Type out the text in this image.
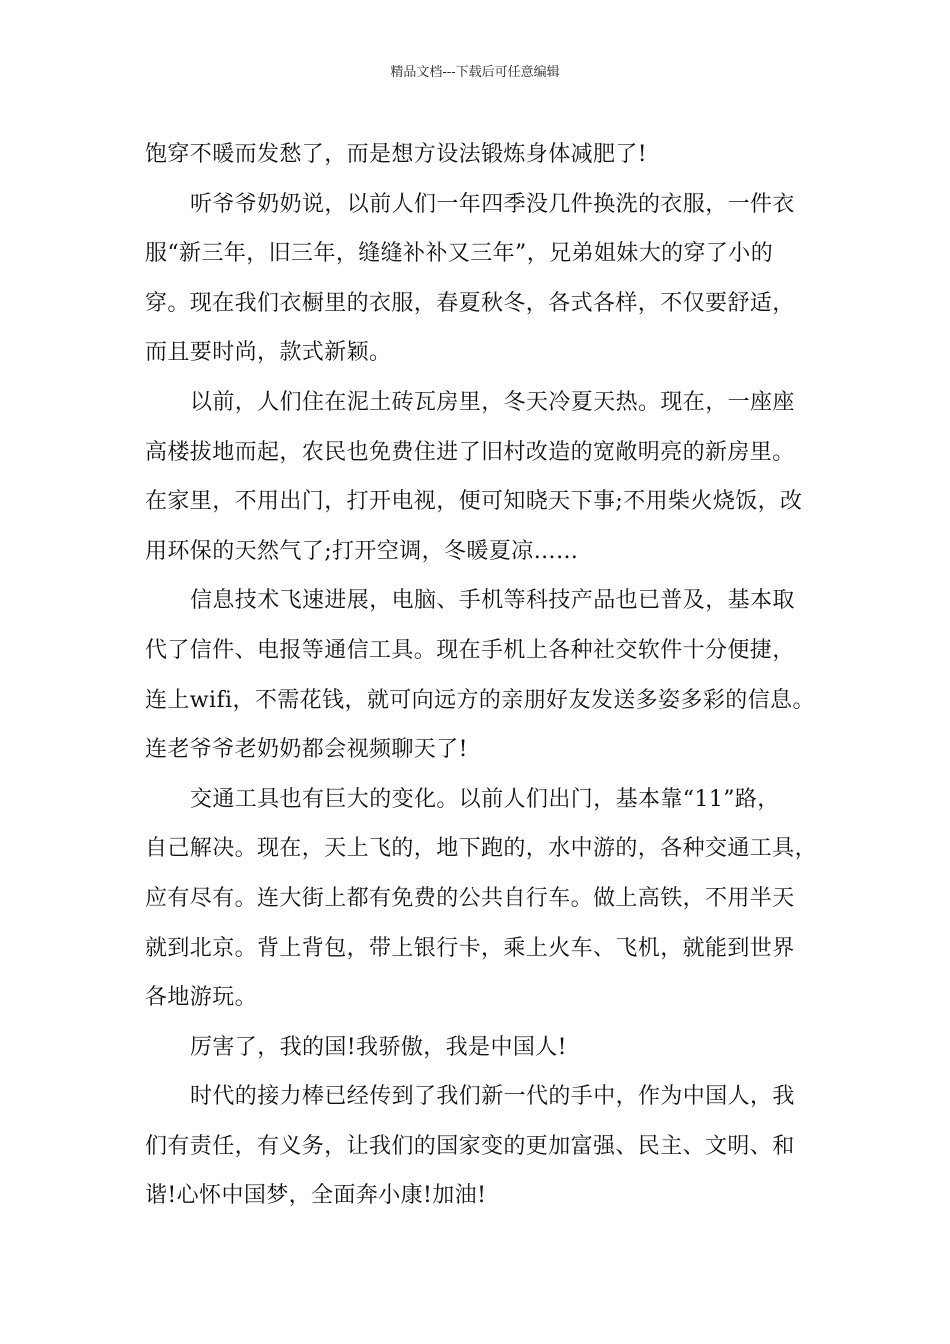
精品文档---下载后可任意编辑
饱穿不暖而发愁了，而是想方设法锻炼身体减肥了!
听爷爷奶奶说，以前人们一年四季没几件换洗的衣服，一件衣
服“新三年，旧三年，缝缝补补又三年”，兄弟姐妹大的穿了小的
穿。现在我们衣橱里的衣服，春夏秋冬，各式各样，不仅要舒适，
而且要时尚，款式新颖。
以前，人们住在泥土砖瓦房里，冬天冷夏天热。现在，一座座
高楼拔地而起，农民也免费住进了旧村改造的宽敞明亮的新房里。
在家里，不用出门，打开电视，便可知晓天下事;不用柴火烧饭，改
用环保的天然气了;打开空调，冬暖夏凉……
信息技术飞速进展，电脑、手机等科技产品也已普及，基本取
代了信件、电报等通信工具。现在手机上各种社交软件十分便捷，
连上wifi，不需花钱，就可向远方的亲朋好友发送多姿多彩的信息。
连老爷爷老奶奶都会视频聊天了!
交通工具也有巨大的变化。以前人们出门，基本靠“11”路，
自己解决。现在，天上飞的，地下跑的，水中游的，各种交通工具，
应有尽有。连大街上都有免费的公共自行车。做上高铁，不用半天
就到北京。背上背包，带上银行卡，乘上火车、飞机，就能到世界
各地游玩。
厉害了，我的国!我骄傲，我是中国人!
时代的接力棒已经传到了我们新一代的手中，作为中国人，我
们有责任，有义务，让我们的国家变的更加富强、民主、文明、和
谐!心怀中国梦，全面奔小康!加油!
